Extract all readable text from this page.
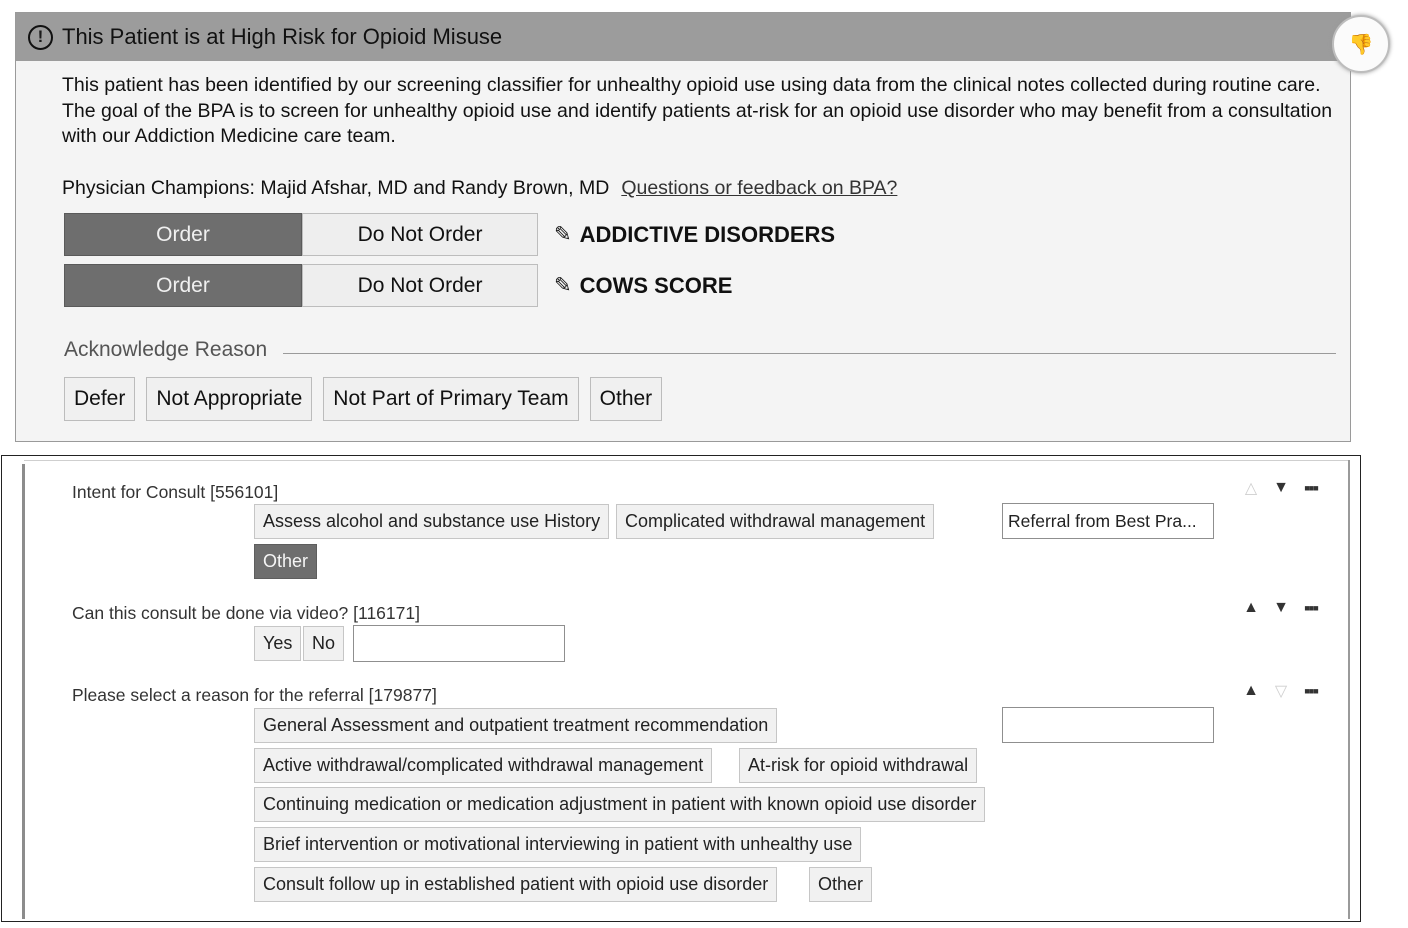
! This Patient is at High Risk for Opioid Misuse	👎

This patient has been identified by our screening classifier for unhealthy opioid use using data from the clinical notes collected during routine care. The goal of the BPA is to screen for unhealthy opioid use and identify patients at-risk for an opioid use disorder who may benefit from a consultation with our Addiction Medicine care team.

Physician Champions: Majid Afshar, MD and Randy Brown, MD Questions or feedback on BPA?
Order	Do Not Order	✎ ADDICTIVE DISORDERS
Order	Do Not Order	✎ COWS SCORE
Acknowledge Reason
Defer	Not Appropriate	Not Part of Primary Team	Other
Intent for Consult [556101]
Assess alcohol and substance use History	Complicated withdrawal management
Other
Referral from Best Pra...
△ ▼	■■■
Can this consult be done via video? [116171]
Yes	No
▲ ▼	■■■
Please select a reason for the referral [179877]
General Assessment and outpatient treatment recommendation
Active withdrawal/complicated withdrawal management	At-risk for opioid withdrawal
Continuing medication or medication adjustment in patient with known opioid use disorder
Brief intervention or motivational interviewing in patient with unhealthy use
Consult follow up in established patient with opioid use disorder	Other
▲ ▽	■■■
